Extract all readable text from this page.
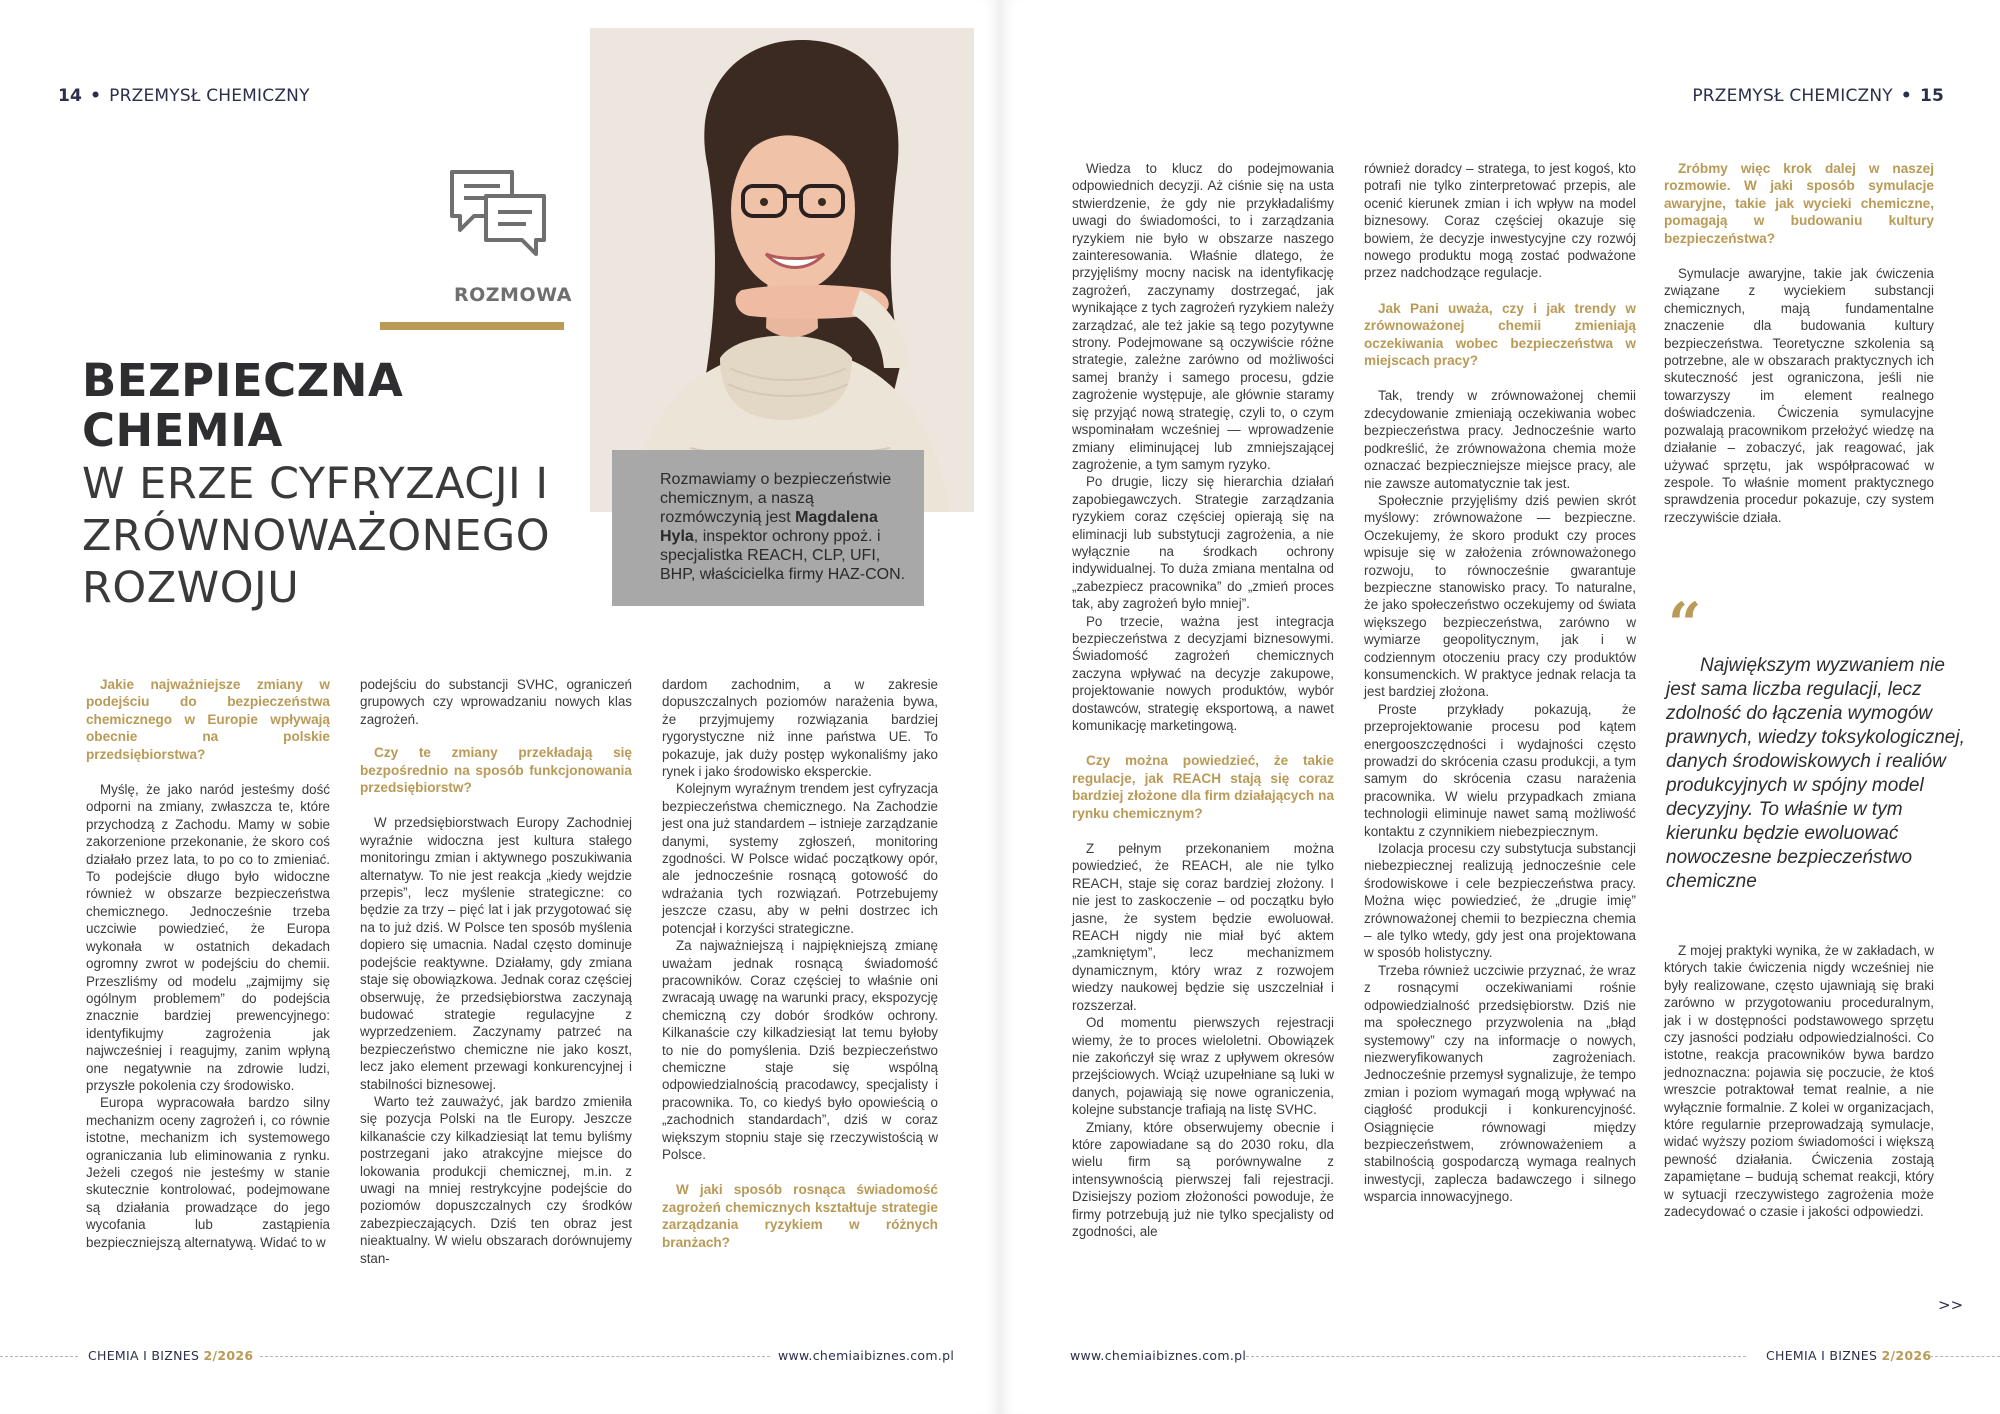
14 • PRZEMYSŁ CHEMICZNY
ROZMOWA
BEZPIECZNA
CHEMIA
W ERZE CYFRYZACJI I
ZRÓWNOWAŻONEGO
ROZWOJU

Rozmawiamy o bezpieczeństwie chemicznym, a naszą rozmówczynią jest Magdalena Hyla, inspektor ochrony ppoż. i specjalistka REACH, CLP, UFI, BHP, właścicielka firmy HAZ-CON.

Jakie najważniejsze zmiany w podejściu do bezpieczeństwa chemicznego w Europie wpływają obecnie na polskie przedsiębiorstwa?

Myślę, że jako naród jesteśmy dość odporni na zmiany, zwłaszcza te, które przychodzą z Zachodu. Mamy w sobie zakorzenione przekonanie, że skoro coś działało przez lata, to po co to zmieniać. To podejście długo było widoczne również w obszarze bezpieczeństwa chemicznego. Jednocześnie trzeba uczciwie powiedzieć, że Europa wykonała w ostatnich dekadach ogromny zwrot w podejściu do chemii. Przeszliśmy od modelu „zajmijmy się ogólnym problemem” do podejścia znacznie bardziej prewencyjnego: identyfikujmy zagrożenia jak najwcześniej i reagujmy, zanim wpłyną one negatywnie na zdrowie ludzi, przyszłe pokolenia czy środowisko.

Europa wypracowała bardzo silny mechanizm oceny zagrożeń i, co równie istotne, mechanizm ich systemowego ograniczania lub eliminowania z rynku. Jeżeli czegoś nie jesteśmy w stanie skutecznie kontrolować, podejmowane są działania prowadzące do jego wycofania lub zastąpienia bezpieczniejszą alternatywą. Widać to w

podejściu do substancji SVHC, ograniczeń grupowych czy wprowadzaniu nowych klas zagrożeń.

Czy te zmiany przekładają się bezpośrednio na sposób funkcjonowania przedsiębiorstw?

W przedsiębiorstwach Europy Zachodniej wyraźnie widoczna jest kultura stałego monitoringu zmian i aktywnego poszukiwania alternatyw. To nie jest reakcja „kiedy wejdzie przepis”, lecz myślenie strategiczne: co będzie za trzy – pięć lat i jak przygotować się na to już dziś. W Polsce ten sposób myślenia dopiero się umacnia. Nadal często dominuje podejście reaktywne. Działamy, gdy zmiana staje się obowiązkowa. Jednak coraz częściej obserwuję, że przedsiębiorstwa zaczynają budować strategie regulacyjne z wyprzedzeniem. Zaczynamy patrzeć na bezpieczeństwo chemiczne nie jako koszt, lecz jako element przewagi konkurencyjnej i stabilności biznesowej.

Warto też zauważyć, jak bardzo zmieniła się pozycja Polski na tle Europy. Jeszcze kilkanaście czy kilkadziesiąt lat temu byliśmy postrzegani jako atrakcyjne miejsce do lokowania produkcji chemicznej, m.in. z uwagi na mniej restrykcyjne podejście do poziomów dopuszczalnych czy środków zabezpieczających. Dziś ten obraz jest nieaktualny. W wielu obszarach dorównujemy stan-

dardom zachodnim, a w zakresie dopuszczalnych poziomów narażenia bywa, że przyjmujemy rozwiązania bardziej rygorystyczne niż inne państwa UE. To pokazuje, jak duży postęp wykonaliśmy jako rynek i jako środowisko eksperckie.

Kolejnym wyraźnym trendem jest cyfryzacja bezpieczeństwa chemicznego. Na Zachodzie jest ona już standardem – istnieje zarządzanie danymi, systemy zgłoszeń, monitoring zgodności. W Polsce widać początkowy opór, ale jednocześnie rosnącą gotowość do wdrażania tych rozwiązań. Potrzebujemy jeszcze czasu, aby w pełni dostrzec ich potencjał i korzyści strategiczne.

Za najważniejszą i najpiękniejszą zmianę uważam jednak rosnącą świadomość pracowników. Coraz częściej to właśnie oni zwracają uwagę na warunki pracy, ekspozycję chemiczną czy dobór środków ochrony. Kilkanaście czy kilkadziesiąt lat temu byłoby to nie do pomyślenia. Dziś bezpieczeństwo chemiczne staje się wspólną odpowiedzialnością pracodawcy, specjalisty i pracownika. To, co kiedyś było opowieścią o „zachodnich standardach”, dziś w coraz większym stopniu staje się rzeczywistością w Polsce.

W jaki sposób rosnąca świadomość zagrożeń chemicznych kształtuje strategie zarządzania ryzykiem w różnych branżach?

CHEMIA I BIZNES 2/2026	www.chemiaibiznes.com.pl
PRZEMYSŁ CHEMICZNY • 15

Wiedza to klucz do podejmowania odpowiednich decyzji. Aż ciśnie się na usta stwierdzenie, że gdy nie przykładaliśmy uwagi do świadomości, to i zarządzania ryzykiem nie było w obszarze naszego zainteresowania. Właśnie dlatego, że przyjęliśmy mocny nacisk na identyfikację zagrożeń, zaczynamy dostrzegać, jak wynikające z tych zagrożeń ryzykiem należy zarządzać, ale też jakie są tego pozytywne strony. Podejmowane są oczywiście różne strategie, zależne zarówno od możliwości samej branży i samego procesu, gdzie zagrożenie występuje, ale głównie staramy się przyjąć nową strategię, czyli to, o czym wspominałam wcześniej — wprowadzenie zmiany eliminującej lub zmniejszającej zagrożenie, a tym samym ryzyko.

Po drugie, liczy się hierarchia działań zapobiegawczych. Strategie zarządzania ryzykiem coraz częściej opierają się na eliminacji lub substytucji zagrożenia, a nie wyłącznie na środkach ochrony indywidualnej. To duża zmiana mentalna od „zabezpiecz pracownika” do „zmień proces tak, aby zagrożeń było mniej”.

Po trzecie, ważna jest integracja bezpieczeństwa z decyzjami biznesowymi. Świadomość zagrożeń chemicznych zaczyna wpływać na decyzje zakupowe, projektowanie nowych produktów, wybór dostawców, strategię eksportową, a nawet komunikację marketingową.

Czy można powiedzieć, że takie regulacje, jak REACH stają się coraz bardziej złożone dla firm działających na rynku chemicznym?

Z pełnym przekonaniem można powiedzieć, że REACH, ale nie tylko REACH, staje się coraz bardziej złożony. I nie jest to zaskoczenie – od początku było jasne, że system będzie ewoluował. REACH nigdy nie miał być aktem „zamkniętym”, lecz mechanizmem dynamicznym, który wraz z rozwojem wiedzy naukowej będzie się uszczelniał i rozszerzał.

Od momentu pierwszych rejestracji wiemy, że to proces wieloletni. Obowiązek nie zakończył się wraz z upływem okresów przejściowych. Wciąż uzupełniane są luki w danych, pojawiają się nowe ograniczenia, kolejne substancje trafiają na listę SVHC.

Zmiany, które obserwujemy obecnie i które zapowiadane są do 2030 roku, dla wielu firm są porównywalne z intensywnością pierwszej fali rejestracji. Dzisiejszy poziom złożoności powoduje, że firmy potrzebują już nie tylko specjalisty od zgodności, ale

również doradcy – stratega, to jest kogoś, kto potrafi nie tylko zinterpretować przepis, ale ocenić kierunek zmian i ich wpływ na model biznesowy. Coraz częściej okazuje się bowiem, że decyzje inwestycyjne czy rozwój nowego produktu mogą zostać podważone przez nadchodzące regulacje.

Jak Pani uważa, czy i jak trendy w zrównoważonej chemii zmieniają oczekiwania wobec bezpieczeństwa w miejscach pracy?

Tak, trendy w zrównoważonej chemii zdecydowanie zmieniają oczekiwania wobec bezpieczeństwa pracy. Jednocześnie warto podkreślić, że zrównoważona chemia może oznaczać bezpieczniejsze miejsce pracy, ale nie zawsze automatycznie tak jest.

Społecznie przyjęliśmy dziś pewien skrót myślowy: zrównoważone — bezpieczne. Oczekujemy, że skoro produkt czy proces wpisuje się w założenia zrównoważonego rozwoju, to równocześnie gwarantuje bezpieczne stanowisko pracy. To naturalne, że jako społeczeństwo oczekujemy od świata większego bezpieczeństwa, zarówno w wymiarze geopolitycznym, jak i w codziennym otoczeniu pracy czy produktów konsumenckich. W praktyce jednak relacja ta jest bardziej złożona.

Proste przykłady pokazują, że przeprojektowanie procesu pod kątem energooszczędności i wydajności często prowadzi do skrócenia czasu produkcji, a tym samym do skrócenia czasu narażenia pracownika. W wielu przypadkach zmiana technologii eliminuje nawet samą możliwość kontaktu z czynnikiem niebezpiecznym.

Izolacja procesu czy substytucja substancji niebezpiecznej realizują jednocześnie cele środowiskowe i cele bezpieczeństwa pracy. Można więc powiedzieć, że „drugie imię” zrównoważonej chemii to bezpieczna chemia – ale tylko wtedy, gdy jest ona projektowana w sposób holistyczny.

Trzeba również uczciwie przyznać, że wraz z rosnącymi oczekiwaniami rośnie odpowiedzialność przedsiębiorstw. Dziś nie ma społecznego przyzwolenia na „błąd systemowy” czy na informacje o nowych, niezweryfikowanych zagrożeniach. Jednocześnie przemysł sygnalizuje, że tempo zmian i poziom wymagań mogą wpływać na ciągłość produkcji i konkurencyjność. Osiągnięcie równowagi między bezpieczeństwem, zrównoważeniem a stabilnością gospodarczą wymaga realnych inwestycji, zaplecza badawczego i silnego wsparcia innowacyjnego.

Zróbmy więc krok dalej w naszej rozmowie. W jaki sposób symulacje awaryjne, takie jak wycieki chemiczne, pomagają w budowaniu kultury bezpieczeństwa?

Symulacje awaryjne, takie jak ćwiczenia związane z wyciekiem substancji chemicznych, mają fundamentalne znaczenie dla budowania kultury bezpieczeństwa. Teoretyczne szkolenia są potrzebne, ale w obszarach praktycznych ich skuteczność jest ograniczona, jeśli nie towarzyszy im element realnego doświadczenia. Ćwiczenia symulacyjne pozwalają pracownikom przełożyć wiedzę na działanie – zobaczyć, jak reagować, jak używać sprzętu, jak współpracować w zespole. To właśnie moment praktycznego sprawdzenia procedur pokazuje, czy system rzeczywiście działa.

“

Największym wyzwaniem nie jest sama liczba regulacji, lecz zdolność do łączenia wymogów prawnych, wiedzy toksykologicznej, danych środowiskowych i realiów produkcyjnych w spójny model decyzyjny. To właśnie w tym kierunku będzie ewoluować nowoczesne bezpieczeństwo chemiczne

Z mojej praktyki wynika, że w zakładach, w których takie ćwiczenia nigdy wcześniej nie były realizowane, często ujawniają się braki zarówno w przygotowaniu proceduralnym, jak i w dostępności podstawowego sprzętu czy jasności podziału odpowiedzialności. Co istotne, reakcja pracowników bywa bardzo jednoznaczna: pojawia się poczucie, że ktoś wreszcie potraktował temat realnie, a nie wyłącznie formalnie. Z kolei w organizacjach, które regularnie przeprowadzają symulacje, widać wyższy poziom świadomości i większą pewność działania. Ćwiczenia zostają zapamiętane – budują schemat reakcji, który w sytuacji rzeczywistego zagrożenia może zadecydować o czasie i jakości odpowiedzi.

>>
www.chemiaibiznes.com.pl	CHEMIA I BIZNES 2/2026
